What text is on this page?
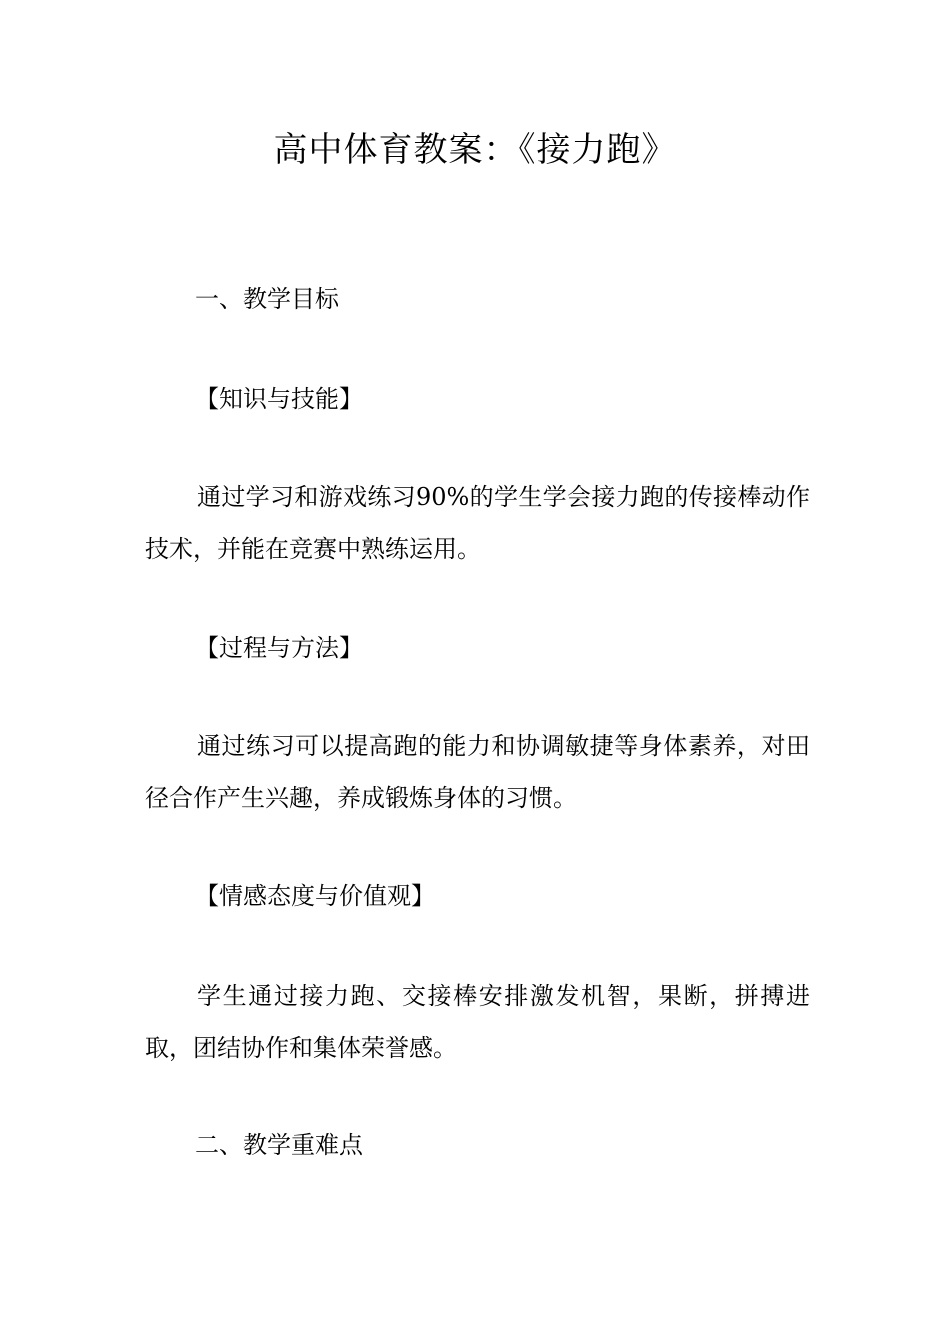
高中体育教案：《接力跑》
一、教学目标
【知识与技能】
通过学习和游戏练习90%的学生学会接力跑的传接棒动作技术，并能在竞赛中熟练运用。
【过程与方法】
通过练习可以提高跑的能力和协调敏捷等身体素养，对田径合作产生兴趣，养成锻炼身体的习惯。
【情感态度与价值观】
学生通过接力跑、交接棒安排激发机智，果断，拼搏进取，团结协作和集体荣誉感。
二、教学重难点
